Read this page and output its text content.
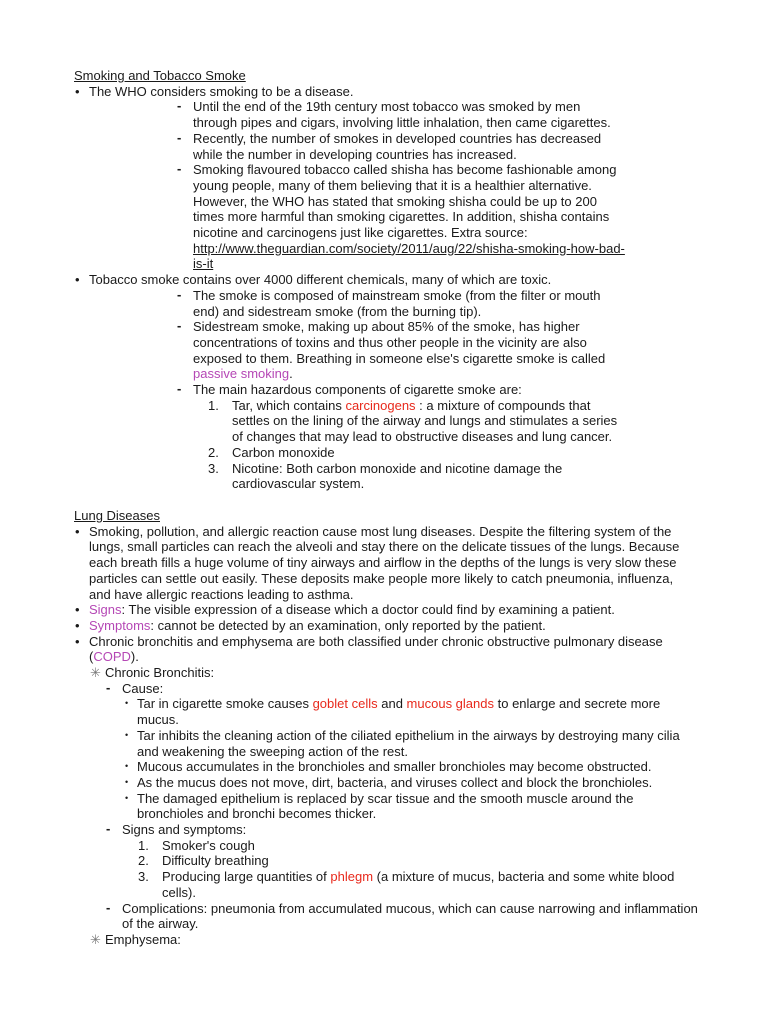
Smoking and Tobacco Smoke
• The WHO considers smoking to be a disease.
- Until the end of the 19th century most tobacco was smoked by men through pipes and cigars, involving little inhalation, then came cigarettes.
- Recently, the number of smokes in developed countries has decreased while the number in developing countries has increased.
- Smoking flavoured tobacco called shisha has become fashionable among young people, many of them believing that it is a healthier alternative. However, the WHO has stated that smoking shisha could be up to 200 times more harmful than smoking cigarettes. In addition, shisha contains nicotine and carcinogens just like cigarettes. Extra source: http://www.theguardian.com/society/2011/aug/22/shisha-smoking-how-bad-is-it
• Tobacco smoke contains over 4000 different chemicals, many of which are toxic.
- The smoke is composed of mainstream smoke (from the filter or mouth end) and sidestream smoke (from the burning tip).
- Sidestream smoke, making up about 85% of the smoke, has higher concentrations of toxins and thus other people in the vicinity are also exposed to them. Breathing in someone else's cigarette smoke is called passive smoking.
- The main hazardous components of cigarette smoke are:
1. Tar, which contains carcinogens : a mixture of compounds that settles on the lining of the airway and lungs and stimulates a series of changes that may lead to obstructive diseases and lung cancer.
2. Carbon monoxide
3. Nicotine: Both carbon monoxide and nicotine damage the cardiovascular system.
Lung Diseases
• Smoking, pollution, and allergic reaction cause most lung diseases. Despite the filtering system of the lungs, small particles can reach the alveoli and stay there on the delicate tissues of the lungs. Because each breath fills a huge volume of tiny airways and airflow in the depths of the lungs is very slow these particles can settle out easily. These deposits make people more likely to catch pneumonia, influenza, and have allergic reactions leading to asthma.
• Signs: The visible expression of a disease which a doctor could find by examining a patient.
• Symptoms: cannot be detected by an examination, only reported by the patient.
• Chronic bronchitis and emphysema are both classified under chronic obstructive pulmonary disease (COPD).
✳ Chronic Bronchitis:
- Cause:
• Tar in cigarette smoke causes goblet cells and mucous glands to enlarge and secrete more mucus.
• Tar inhibits the cleaning action of the ciliated epithelium in the airways by destroying many cilia and weakening the sweeping action of the rest.
• Mucous accumulates in the bronchioles and smaller bronchioles may become obstructed.
• As the mucus does not move, dirt, bacteria, and viruses collect and block the bronchioles.
• The damaged epithelium is replaced by scar tissue and the smooth muscle around the bronchioles and bronchi becomes thicker.
- Signs and symptoms:
1. Smoker's cough
2. Difficulty breathing
3. Producing large quantities of phlegm (a mixture of mucus, bacteria and some white blood cells).
- Complications: pneumonia from accumulated mucous, which can cause narrowing and inflammation of the airway.
✳ Emphysema:
